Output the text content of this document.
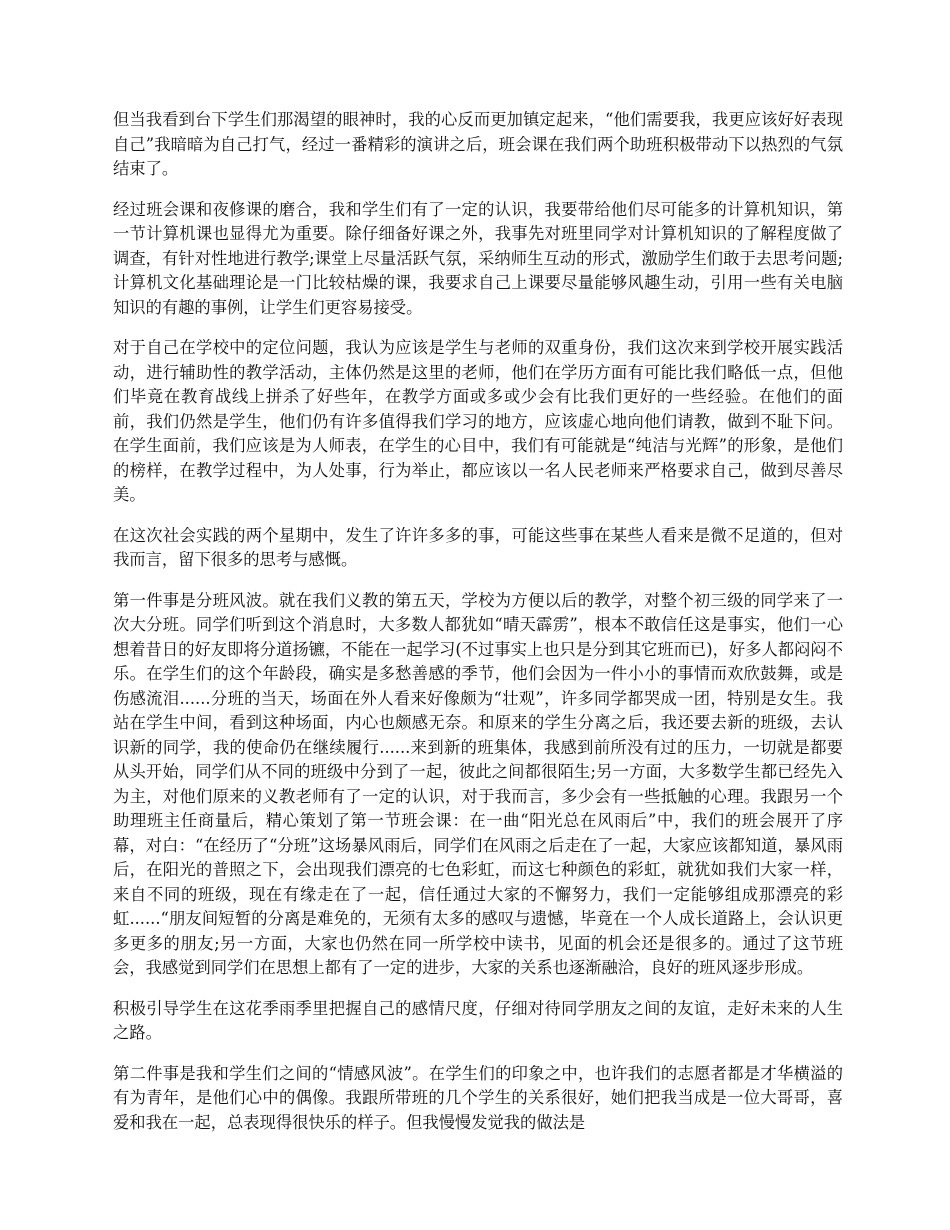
但当我看到台下学生们那渴望的眼神时，我的心反而更加镇定起来，“他们需要我，我更应该好好表现自己”我暗暗为自己打气，经过一番精彩的演讲之后，班会课在我们两个助班积极带动下以热烈的气氛结束了。

经过班会课和夜修课的磨合，我和学生们有了一定的认识，我要带给他们尽可能多的计算机知识，第一节计算机课也显得尤为重要。除仔细备好课之外，我事先对班里同学对计算机知识的了解程度做了调查，有针对性地进行教学;课堂上尽量活跃气氛，采纳师生互动的形式，激励学生们敢于去思考问题;计算机文化基础理论是一门比较枯燥的课，我要求自己上课要尽量能够风趣生动，引用一些有关电脑知识的有趣的事例，让学生们更容易接受。

对于自己在学校中的定位问题，我认为应该是学生与老师的双重身份，我们这次来到学校开展实践活动，进行辅助性的教学活动，主体仍然是这里的老师，他们在学历方面有可能比我们略低一点，但他们毕竟在教育战线上拼杀了好些年，在教学方面或多或少会有比我们更好的一些经验。在他们的面前，我们仍然是学生，他们仍有许多值得我们学习的地方，应该虚心地向他们请教，做到不耻下问。在学生面前，我们应该是为人师表，在学生的心目中，我们有可能就是“纯洁与光辉”的形象，是他们的榜样，在教学过程中，为人处事，行为举止，都应该以一名人民老师来严格要求自己，做到尽善尽美。

在这次社会实践的两个星期中，发生了许许多多的事，可能这些事在某些人看来是微不足道的，但对我而言，留下很多的思考与感慨。

第一件事是分班风波。就在我们义教的第五天，学校为方便以后的教学，对整个初三级的同学来了一次大分班。同学们听到这个消息时，大多数人都犹如“晴天霹雳”，根本不敢信任这是事实，他们一心想着昔日的好友即将分道扬镳，不能在一起学习(不过事实上也只是分到其它班而已)，好多人都闷闷不乐。在学生们的这个年龄段，确实是多愁善感的季节，他们会因为一件小小的事情而欢欣鼓舞，或是伤感流泪......分班的当天，场面在外人看来好像颇为“壮观”，许多同学都哭成一团，特别是女生。我站在学生中间，看到这种场面，内心也颇感无奈。和原来的学生分离之后，我还要去新的班级，去认识新的同学，我的使命仍在继续履行......来到新的班集体，我感到前所没有过的压力，一切就是都要从头开始，同学们从不同的班级中分到了一起，彼此之间都很陌生;另一方面，大多数学生都已经先入为主，对他们原来的义教老师有了一定的认识，对于我而言，多少会有一些抵触的心理。我跟另一个助理班主任商量后，精心策划了第一节班会课：在一曲“阳光总在风雨后”中，我们的班会展开了序幕，对白：“在经历了“分班”这场暴风雨后，同学们在风雨之后走在了一起，大家应该都知道，暴风雨后，在阳光的普照之下，会出现我们漂亮的七色彩虹，而这七种颜色的彩虹，就犹如我们大家一样，来自不同的班级，现在有缘走在了一起，信任通过大家的不懈努力，我们一定能够组成那漂亮的彩虹......“朋友间短暂的分离是难免的，无须有太多的感叹与遗憾，毕竟在一个人成长道路上，会认识更多更多的朋友;另一方面，大家也仍然在同一所学校中读书，见面的机会还是很多的。通过了这节班会，我感觉到同学们在思想上都有了一定的进步，大家的关系也逐渐融洽，良好的班风逐步形成。

积极引导学生在这花季雨季里把握自己的感情尺度，仔细对待同学朋友之间的友谊，走好未来的人生之路。

第二件事是我和学生们之间的“情感风波”。在学生们的印象之中，也许我们的志愿者都是才华横溢的有为青年，是他们心中的偶像。我跟所带班的几个学生的关系很好，她们把我当成是一位大哥哥，喜爱和我在一起，总表现得很快乐的样子。但我慢慢发觉我的做法是
